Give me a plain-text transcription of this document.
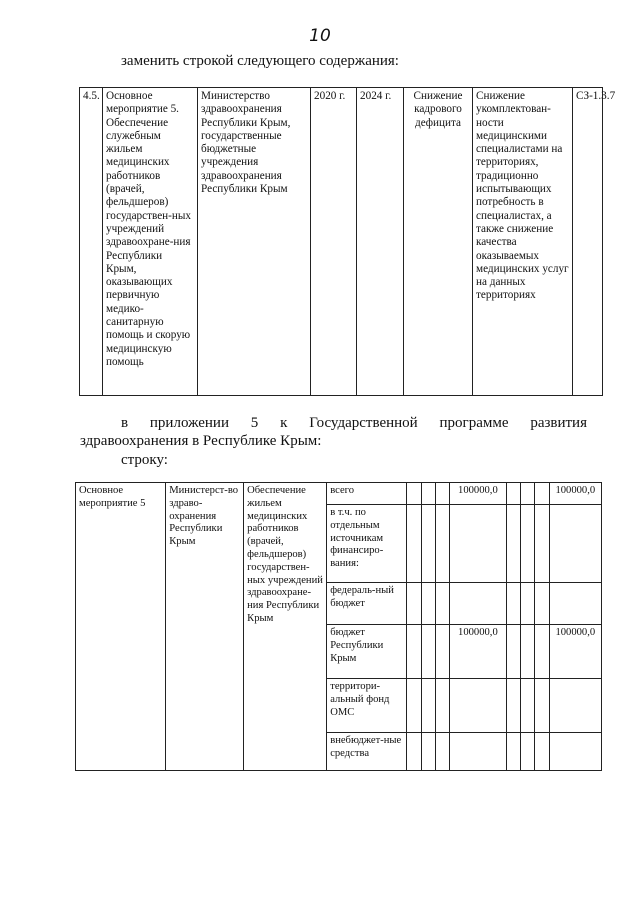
10
заменить строкой следующего содержания:
4.5.	Основное мероприятие 5. Обеспечение служебным жильем медицинских работников (врачей, фельдшеров) государствен-ных учреждений здравоохране-ния Республики Крым, оказывающих первичную медико-санитарную помощь и скорую медицинскую помощь	Министерство здравоохранения Республики Крым, государственные бюджетные учреждения здравоохранения Республики Крым	2020 г.	2024 г.	Снижение кадрового дефицита	Снижение укомплектован-ности медицинскими специалистами на территориях, традиционно испытывающих потребность в специалистах, а также снижение качества оказываемых медицинских услуг на данных территориях	СЗ-1.3.7
в приложении 5 к Государственной программе развития
здравоохранения в Республике Крым:
строку:
Основное мероприятие 5	Министерст-во здраво-охранения Республики Крым	Обеспечение жильем медицинских работников (врачей, фельдшеров) государствен-ных учреждений здравоохране-ния Республики Крым	всего				100000,0				100000,0
			в т.ч. по отдельным источникам финансиро-вания:								
			федераль-ный бюджет								
			бюджет Республики Крым				100000,0				100000,0
			территори-альный фонд ОМС								
			внебюджет-ные средства								
